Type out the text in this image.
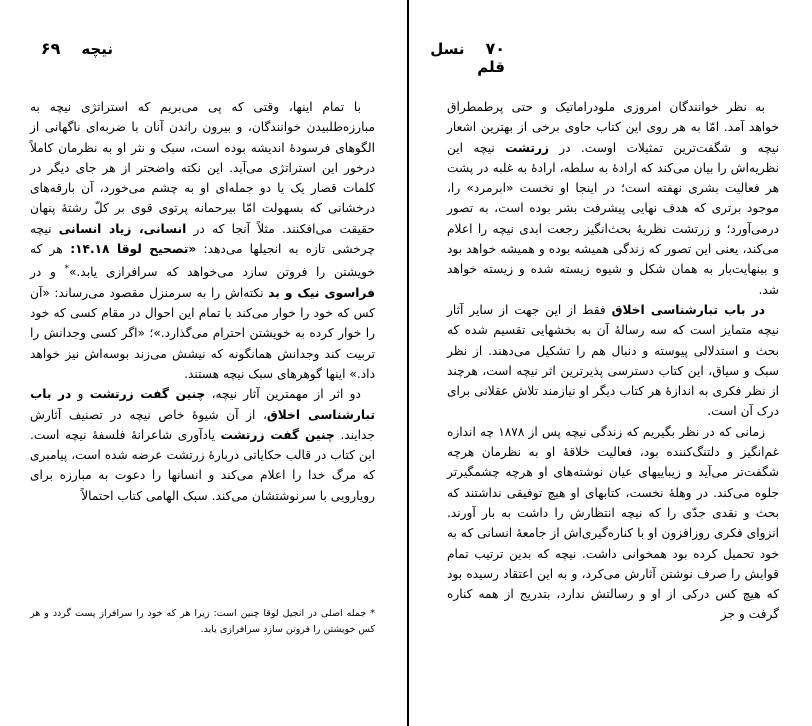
نیچه    ۶۹

با تمام اینها، وقتی که پی می‌بریم که استراتژی نیچه به مبارزه‌طلبیدن خوانندگان، و بیرون راندن آنان با ضربه‌ای ناگهانی از الگوهای فرسودهٔ اندیشه بوده است، سبک و نثر او به نظرمان کاملاً درخور این استراتژی می‌آید. این نکته واضحتر از هر جای دیگر در کلمات قصار یک یا دو جمله‌ای او به چشم می‌خورد، آن بارقه‌های درخشانی که بسهولت امّا بیرحمانه پرتوی قوی بر کلّ رشتهٔ پنهان حقیقت می‌افکنند. مثلاً آنجا که در انسانی، زیاد انسانی نیچه چرخشی تازه به انجیلها می‌دهد: «تصحیح لوقا ۱۴.۱۸: هر که خویشتن را فروتن سازد می‌خواهد که سرافرازی یابد.»* و در فراسوی نیک و بد نکته‌اش را به سرمنزل مقصود می‌رساند: «آن کس که خود را خوار می‌کند با تمام این احوال در مقام کسی که خود را خوار کرده به خویشتن احترام می‌گذارد.»؛ «اگر کسی وجدانش را تربیت کند وجدانش همانگونه که نیشش می‌زند بوسه‌اش نیز خواهد داد.» اینها گوهرهای سبک نیچه هستند.

دو اثر از مهمترین آثار نیچه، چنین گفت زرتشت و در باب تبارشناسی اخلاق، از آن شیوهٔ خاص نیچه در تصنیف آثارش جدایند. چنین گفت زرتشت یادآوری شاعرانهٔ فلسفهٔ نیچه است. این کتاب در قالب حکایاتی دربارهٔ زرتشت عرضه شده است، پیامبری که مرگ خدا را اعلام می‌کند و انسانها را دعوت به مبارزه برای رویارویی با سرنوشتشان می‌کند. سبک الهامی کتاب احتمالاً

* جمله اصلی در انجیل لوقا چنین است: زیرا هر که خود را سرافراز پست گردد و هر کس خویشتن را فروتن سازد سرافرازی یابد.
۷۰    نسل قلم

به نظر خوانندگان امروزی ملودراماتیک و حتی پرطمطراق خواهد آمد. امّا به هر روی این کتاب حاوی برخی از بهترین اشعار نیچه و شگفت‌ترین تمثیلات اوست. در زرتشت نیچه این نظریه‌اش را بیان می‌کند که ارادهٔ به سلطه، ارادهٔ به غلبه در پشت هر فعالیت بشری نهفته است؛ در اینجا او نخست «ابرمرد» را، موجود برتری که هدف نهایی پیشرفت بشر بوده است، به تصور درمی‌آورد؛ و زرتشت نظریهٔ بحث‌انگیز رجعت ابدی نیچه را اعلام می‌کند، یعنی این تصور که زندگی همیشه بوده و همیشه خواهد بود و بینهایت‌بار به همان شکل و شیوه زیسته شده و زیسته خواهد شد.

در باب تبارشناسی اخلاق فقط از این جهت از سایر آثار نیچه متمایز است که سه رسالهٔ آن به بخشهایی تقسیم شده که بحث و استدلالی پیوسته و دنبال هم را تشکیل می‌دهند. از نظر سبک و سیاق، این کتاب دسترسی پذیرترین اثر نیچه است، هرچند از نظر فکری به اندازهٔ هر کتاب دیگر او نیازمند تلاش عقلانی برای درک آن است.

زمانی که در نظر بگیریم که زندگی نیچه پس از ۱۸۷۸ چه اندازه غم‌انگیز و دلتنگ‌کننده بود، فعالیت خلاقهٔ او به نظرمان هرچه شگفت‌تر می‌آید و زیباییهای عیان نوشته‌های او هرچه چشمگیرتر جلوه می‌کند. در وهلهٔ نخست، کتابهای او هیچ توفیقی نداشتند که بحث و نقدی جدّی را که نیچه انتظارش را داشت به بار آورند. انزوای فکری روزافزون او با کناره‌گیری‌اش از جامعهٔ انسانی که به خود تحمیل کرده بود همخوانی داشت. نیچه که بدین ترتیب تمام قوایش را صرف نوشتن آثارش می‌کرد، و به این اعتقاد رسیده بود که هیچ کس درکی از او و رسالتش ندارد، بتدریج از همه کناره گرفت و جز
